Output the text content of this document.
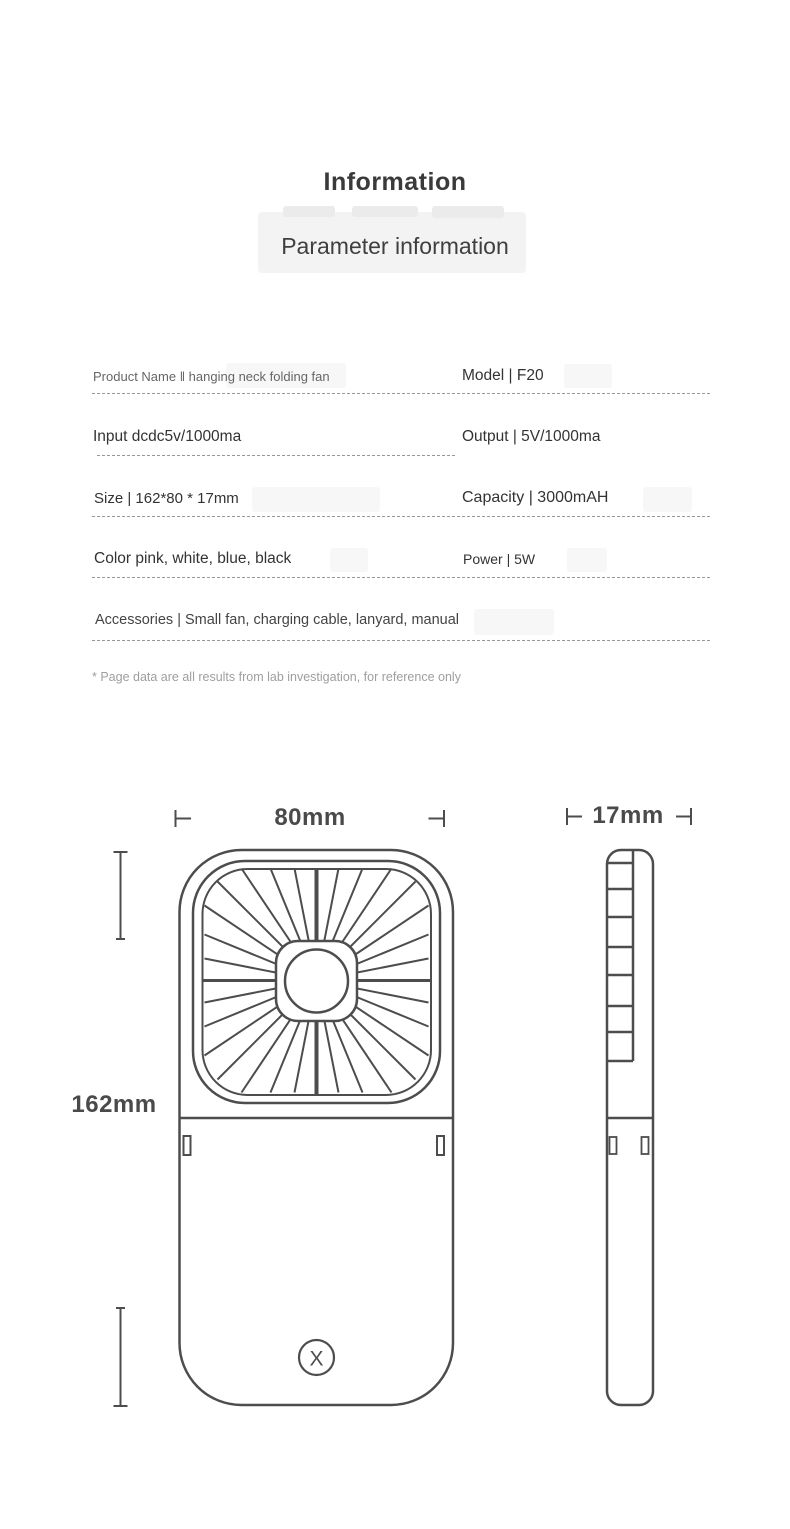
Information
Parameter information
Product Name ‖ hanging neck folding fan	Model | F20
Input dcdc5v/1000ma	Output | 5V/1000ma
Size | 162*80 * 17mm	Capacity | 3000mAH
Color pink, white, blue, black	Power | 5W
Accessories | Small fan, charging cable, lanyard, manual
* Page data are all results from lab investigation, for reference only
X
80mm	17mm
162mm
